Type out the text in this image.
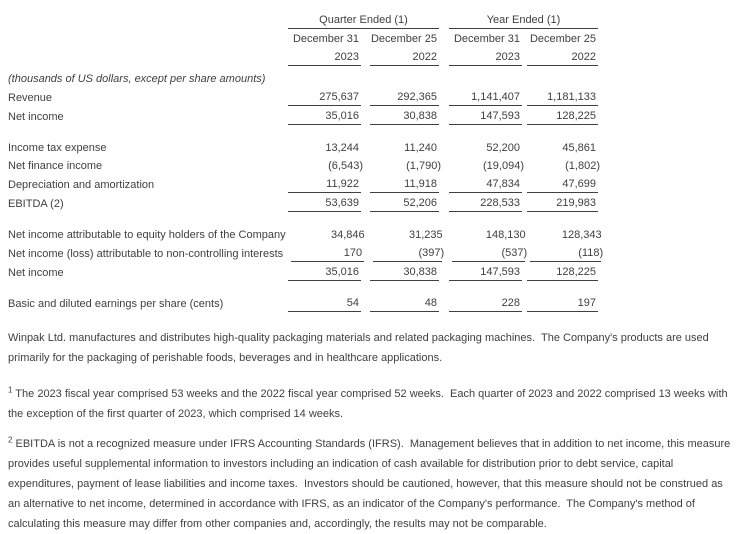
Quarter Ended (1)	Year Ended (1)
December 31 December 25	December 31 December 25
2023	2022	2023	2022
(thousands of US dollars, except per share amounts)
Revenue	275,637	292,365	1,141,407 1,181,133
Net income	35,016	30,838	147,593	128,225
Income tax expense	13,244	11,240	52,200	45,861
Net finance income	(6,543)	(1,790)	(19,094)	(1,802)
Depreciation and amortization	11,922	11,918	47,834	47,699
EBITDA (2)	53,639	52,206	228,533	219,983
Net income attributable to equity holders of the Company	34,846	31,235	148,130	128,343
Net income (loss) attributable to non-controlling interests	170	(397)	(537)	(118)
Net income	35,016	30,838	147,593	128,225
Basic and diluted earnings per share (cents)	54	48	228	197

Winpak Ltd. manufactures and distributes high-quality packaging materials and related packaging machines.  The Company's products are used primarily for the packaging of perishable foods, beverages and in healthcare applications.

$^1$ The 2023 fiscal year comprised 53 weeks and the 2022 fiscal year comprised 52 weeks.  Each quarter of 2023 and 2022 comprised 13 weeks with the exception of the first quarter of 2023, which comprised 14 weeks.

$^2$ EBITDA is not a recognized measure under IFRS Accounting Standards (IFRS).  Management believes that in addition to net income, this measure provides useful supplemental information to investors including an indication of cash available for distribution prior to debt service, capital expenditures, payment of lease liabilities and income taxes.  Investors should be cautioned, however, that this measure should not be construed as an alternative to net income, determined in accordance with IFRS, as an indicator of the Company's performance.  The Company's method of calculating this measure may differ from other companies and, accordingly, the results may not be comparable.
